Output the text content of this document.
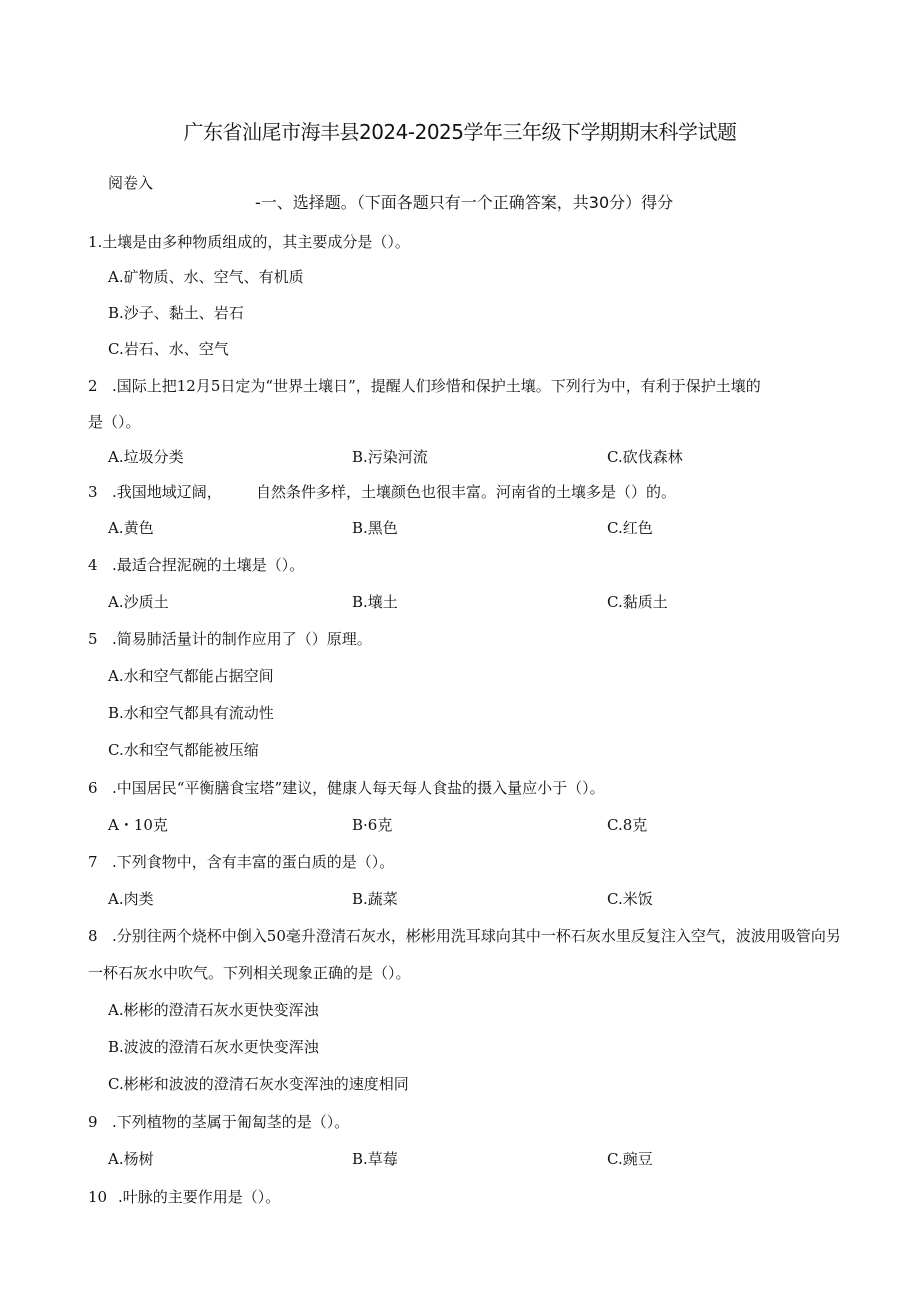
广东省汕尾市海丰县2024-2025学年三年级下学期期末科学试题
阅卷入
-一、选择题。（下面各题只有一个正确答案，共30分）得分
1.土壤是由多种物质组成的，其主要成分是（）。
A.矿物质、水、空气、有机质
B.沙子、黏土、岩石
C.岩石、水、空气
2 .国际上把12月5日定为“世界土壤日”，提醒人们珍惜和保护土壤。下列行为中，有利于保护土壤的
是（）。
A.垃圾分类	B.污染河流	C.砍伐森林
3 .我国地域辽阔， 自然条件多样，土壤颜色也很丰富。河南省的土壤多是（）的。
A.黄色	B.黑色	C.红色
4 .最适合捏泥碗的土壤是（）。
A.沙质土	B.壤土	C.黏质土
5 .简易肺活量计的制作应用了（）原理。
A.水和空气都能占据空间
B.水和空气都具有流动性
C.水和空气都能被压缩
6 .中国居民“平衡膳食宝塔”建议，健康人每天每人食盐的摄入量应小于（）。
A・10克	B·6克	C.8克
7 .下列食物中，含有丰富的蛋白质的是（）。
A.肉类	B.蔬菜	C.米饭
8 .分别往两个烧杯中倒入50毫升澄清石灰水，彬彬用洗耳球向其中一杯石灰水里反复注入空气，波波用吸管向另
一杯石灰水中吹气。下列相关现象正确的是（）。
A.彬彬的澄清石灰水更快变浑浊
B.波波的澄清石灰水更快变浑浊
C.彬彬和波波的澄清石灰水变浑浊的速度相同
9 .下列植物的茎属于匍匐茎的是（）。
A.杨树	B.草莓	C.豌豆
10 .叶脉的主要作用是（）。
